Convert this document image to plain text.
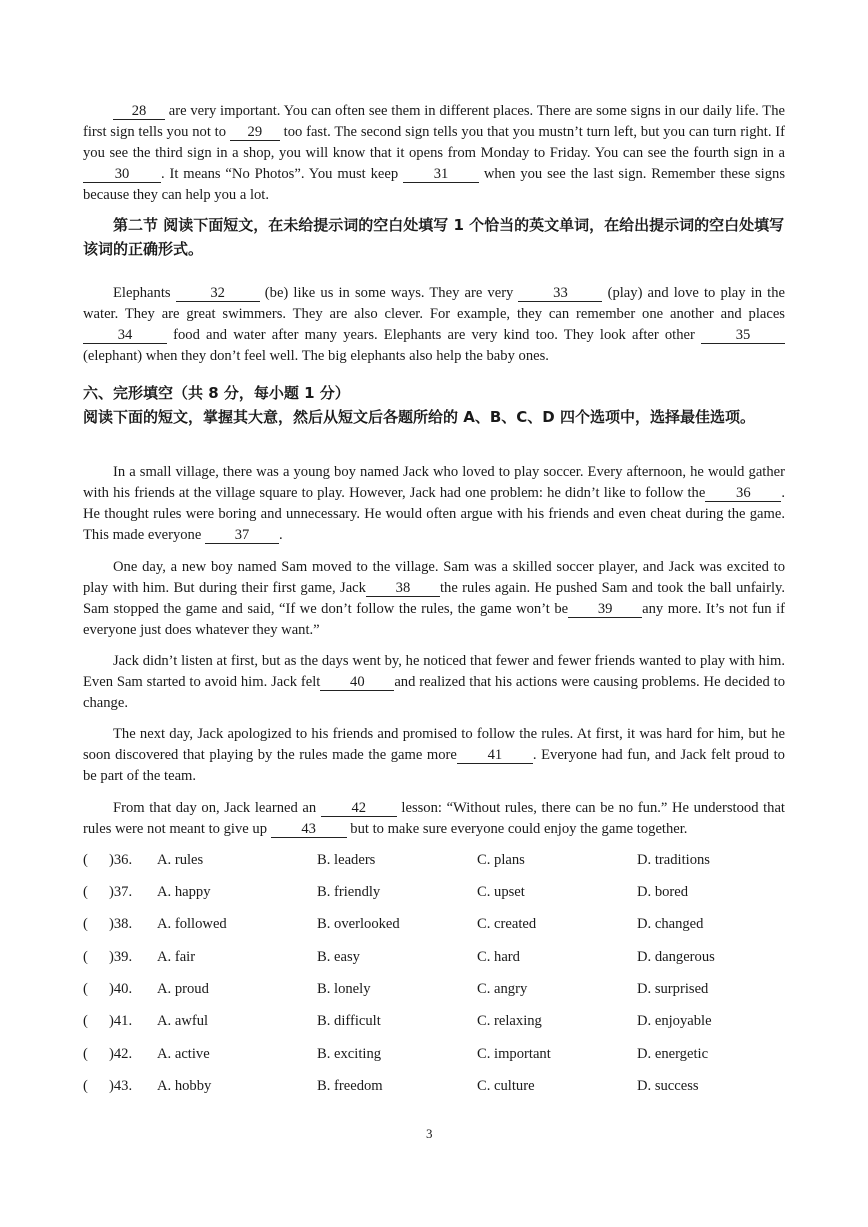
28 are very important. You can often see them in different places. There are some signs in our daily life. The first sign tells you not to 29 too fast. The second sign tells you that you mustn’t turn left, but you can turn right. If you see the third sign in a shop, you will know that it opens from Monday to Friday. You can see the fourth sign in a 30 . It means “No Photos”. You must keep 31 when you see the last sign. Remember these signs because they can help you a lot.

第二节 阅读下面短文，在未给提示词的空白处填写 1 个恰当的英文单词，在给出提示词的空白处填写该词的正确形式。

Elephants 32 (be) like us in some ways. They are very 33 (play) and love to play in the water. They are great swimmers. They are also clever. For example, they can remember one another and places 34 food and water after many years. Elephants are very kind too. They look after other 35(elephant) when they don’t feel well. The big elephants also help the baby ones.

六、完形填空（共 8 分，每小题 1 分）

阅读下面的短文，掌握其大意，然后从短文后各题所给的 A、B、C、D 四个选项中，选择最佳选项。

In a small village, there was a young boy named Jack who loved to play soccer. Every afternoon, he would gather with his friends at the village square to play. However, Jack had one problem: he didn’t like to follow the 36 . He thought rules were boring and unnecessary. He would often argue with his friends and even cheat during the game. This made everyone 37 .

One day, a new boy named Sam moved to the village. Sam was a skilled soccer player, and Jack was excited to play with him. But during their first game, Jack 38 the rules again. He pushed Sam and took the ball unfairly. Sam stopped the game and said, “If we don’t follow the rules, the game won’t be 39 any more. It’s not fun if everyone just does whatever they want.”

Jack didn’t listen at first, but as the days went by, he noticed that fewer and fewer friends wanted to play with him. Even Sam started to avoid him. Jack felt 40 and realized that his actions were causing problems. He decided to change.

The next day, Jack apologized to his friends and promised to follow the rules. At first, it was hard for him, but he soon discovered that playing by the rules made the game more 41 . Everyone had fun, and Jack felt proud to be part of the team.

From that day on, Jack learned an 42 lesson: “Without rules, there can be no fun.” He understood that rules were not meant to give up 43 but to make sure everyone could enjoy the game together.

( )36. A. rules	B. leaders	C. plans	D. traditions
( )37. A. happy	B. friendly	C. upset	D. bored
( )38. A. followed	B. overlooked	C. created	D. changed
( )39. A. fair	B. easy	C. hard	D. dangerous
( )40. A. proud	B. lonely	C. angry	D. surprised
( )41. A. awful	B. difficult	C. relaxing	D. enjoyable
( )42. A. active	B. exciting	C. important	D. energetic
( )43. A. hobby	B. freedom	C. culture	D. success
3
